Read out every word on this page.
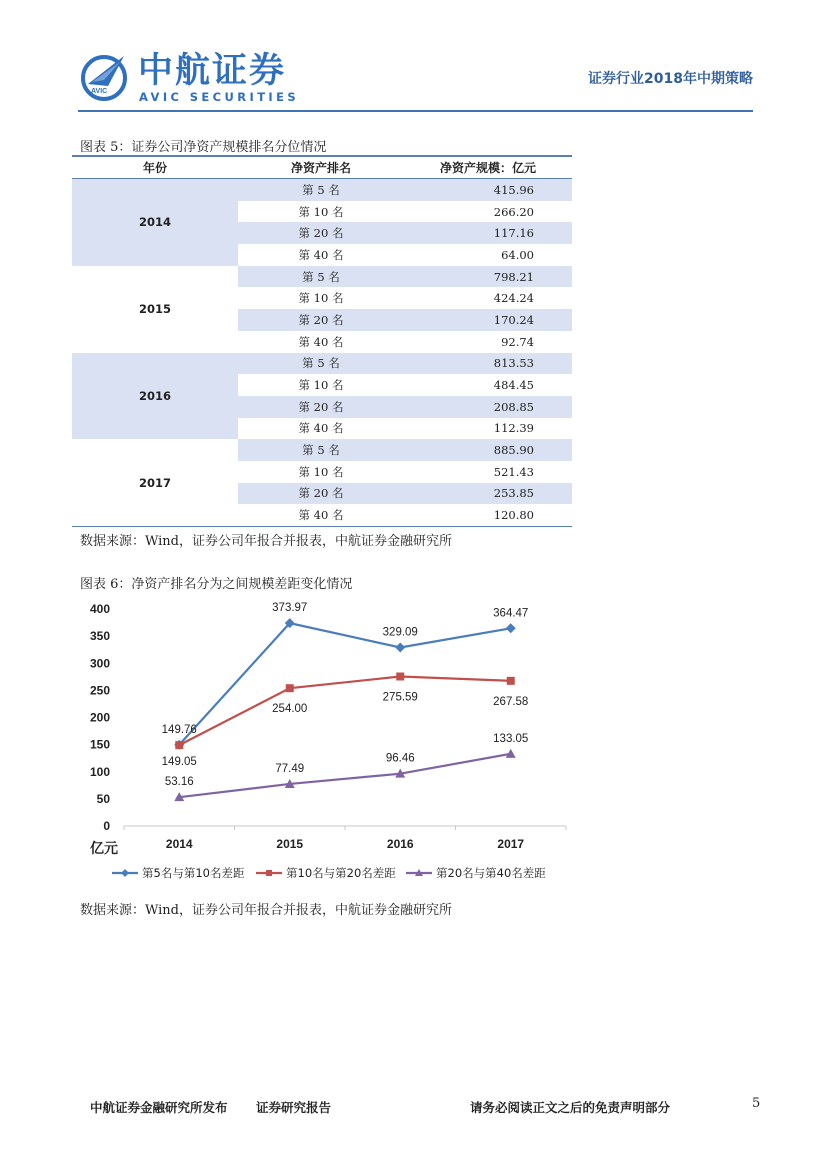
AVIC
中航证券
AVIC SECURITIES
证券行业2018年中期策略
图表 5：证券公司净资产规模排名分位情况
年份	净资产排名	净资产规模：亿元
2014	第 5 名	415.96
	第 10 名	266.20
	第 20 名	117.16
	第 40 名	64.00
2015	第 5 名	798.21
	第 10 名	424.24
	第 20 名	170.24
	第 40 名	92.74
2016	第 5 名	813.53
	第 10 名	484.45
	第 20 名	208.85
	第 40 名	112.39
2017	第 5 名	885.90
	第 10 名	521.43
	第 20 名	253.85
	第 40 名	120.80
数据来源：Wind，证券公司年报合并报表，中航证券金融研究所
图表 6：净资产排名分为之间规模差距变化情况
0
50
100
150
200
250
300
350
400
2014	2015	2016	2017
亿元
149.76
373.97
329.09
364.47
149.05
254.00
275.59	267.58
53.16
77.49
96.46
133.05
第5名与第10名差距	第10名与第20名差距	第20名与第40名差距
数据来源：Wind，证券公司年报合并报表，中航证券金融研究所
中航证券金融研究所发布 证券研究报告	请务必阅读正文之后的免责声明部分	5
